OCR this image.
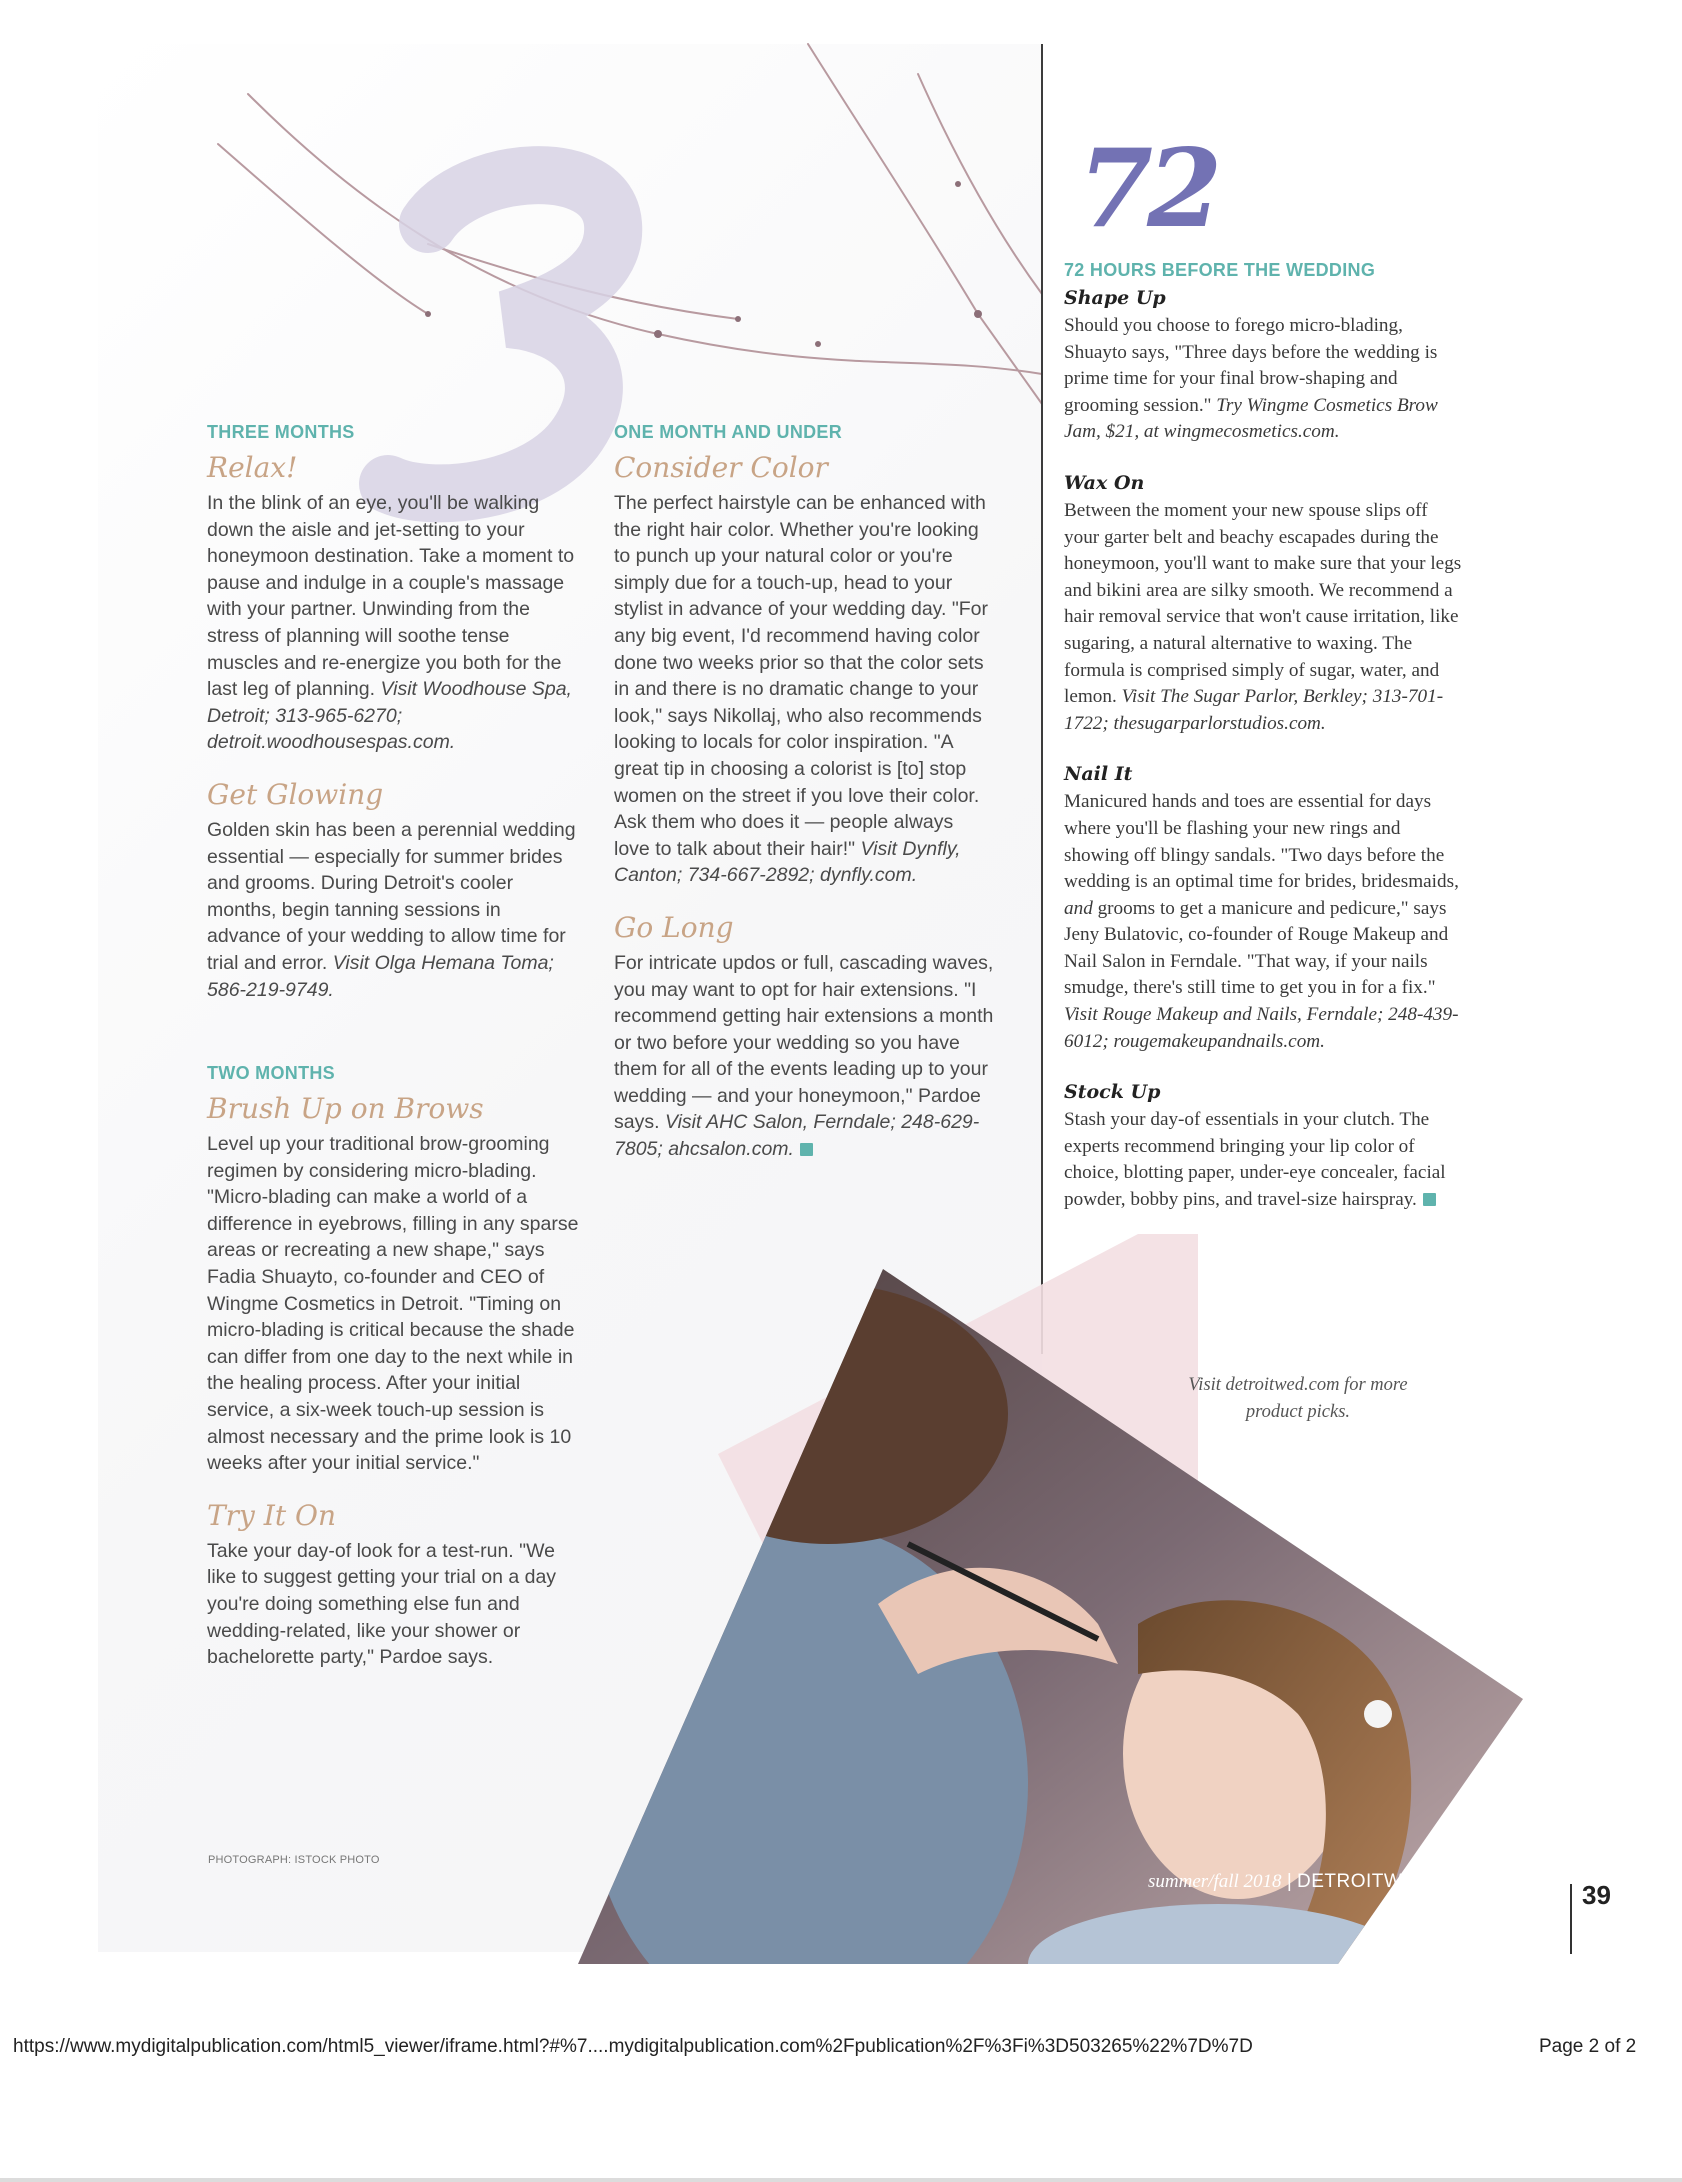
THREE MONTHS
Relax!

In the blink of an eye, you'll be walking down the aisle and jet-setting to your honeymoon destination. Take a moment to pause and indulge in a couple's massage with your partner. Unwinding from the stress of planning will soothe tense muscles and re-energize you both for the last leg of planning. Visit Woodhouse Spa, Detroit; 313-965-6270; detroit.woodhousespas.com.

Get Glowing

Golden skin has been a perennial wedding essential — especially for summer brides and grooms. During Detroit's cooler months, begin tanning sessions in advance of your wedding to allow time for trial and error. Visit Olga Hemana Toma; 586-219-9749.

TWO MONTHS
Brush Up on Brows

Level up your traditional brow-grooming regimen by considering micro-blading. "Micro-blading can make a world of a difference in eyebrows, filling in any sparse areas or recreating a new shape," says Fadia Shuayto, co-founder and CEO of Wingme Cosmetics in Detroit. "Timing on micro-blading is critical because the shade can differ from one day to the next while in the healing process. After your initial service, a six-week touch-up session is almost necessary and the prime look is 10 weeks after your initial service."

Try It On

Take your day-of look for a test-run. "We like to suggest getting your trial on a day you're doing something else fun and wedding-related, like your shower or bachelorette party," Pardoe says.

ONE MONTH AND UNDER
Consider Color

The perfect hairstyle can be enhanced with the right hair color. Whether you're looking to punch up your natural color or you're simply due for a touch-up, head to your stylist in advance of your wedding day. "For any big event, I'd recommend having color done two weeks prior so that the color sets in and there is no dramatic change to your look," says Nikollaj, who also recommends looking to locals for color inspiration. "A great tip in choosing a colorist is [to] stop women on the street if you love their color. Ask them who does it — people always love to talk about their hair!" Visit Dynfly, Canton; 734-667-2892; dynfly.com.

Go Long

For intricate updos or full, cascading waves, you may want to opt for hair extensions. "I recommend getting hair extensions a month or two before your wedding so you have them for all of the events leading up to your wedding — and your honeymoon," Pardoe says. Visit AHC Salon, Ferndale; 248-629-7805; ahcsalon.com.

72
72 HOURS BEFORE THE WEDDING
Shape Up

Should you choose to forego micro-blading, Shuayto says, "Three days before the wedding is prime time for your final brow-shaping and grooming session." Try Wingme Cosmetics Brow Jam, $21, at wingmecosmetics.com.

Wax On

Between the moment your new spouse slips off your garter belt and beachy escapades during the honeymoon, you'll want to make sure that your legs and bikini area are silky smooth. We recommend a hair removal service that won't cause irritation, like sugaring, a natural alternative to waxing. The formula is comprised simply of sugar, water, and lemon. Visit The Sugar Parlor, Berkley; 313-701-1722; thesugarparlorstudios.com.

Nail It

Manicured hands and toes are essential for days where you'll be flashing your new rings and showing off blingy sandals. "Two days before the wedding is an optimal time for brides, bridesmaids, and grooms to get a manicure and pedicure," says Jeny Bulatovic, co-founder of Rouge Makeup and Nail Salon in Ferndale. "That way, if your nails smudge, there's still time to get you in for a fix." Visit Rouge Makeup and Nails, Ferndale; 248-439-6012; rougemakeupandnails.com.

Stock Up

Stash your day-of essentials in your clutch. The experts recommend bringing your lip color of choice, blotting paper, under-eye concealer, facial powder, bobby pins, and travel-size hairspray.

Visit detroitwed.com for more product picks.
PHOTOGRAPH: ISTOCK PHOTO
summer/fall 2018 | DETROITWED.COM	39
https://www.mydigitalpublication.com/html5_viewer/iframe.html?#%7....mydigitalpublication.com%2Fpublication%2F%3Fi%3D503265%22%7D%7D	Page 2 of 2
